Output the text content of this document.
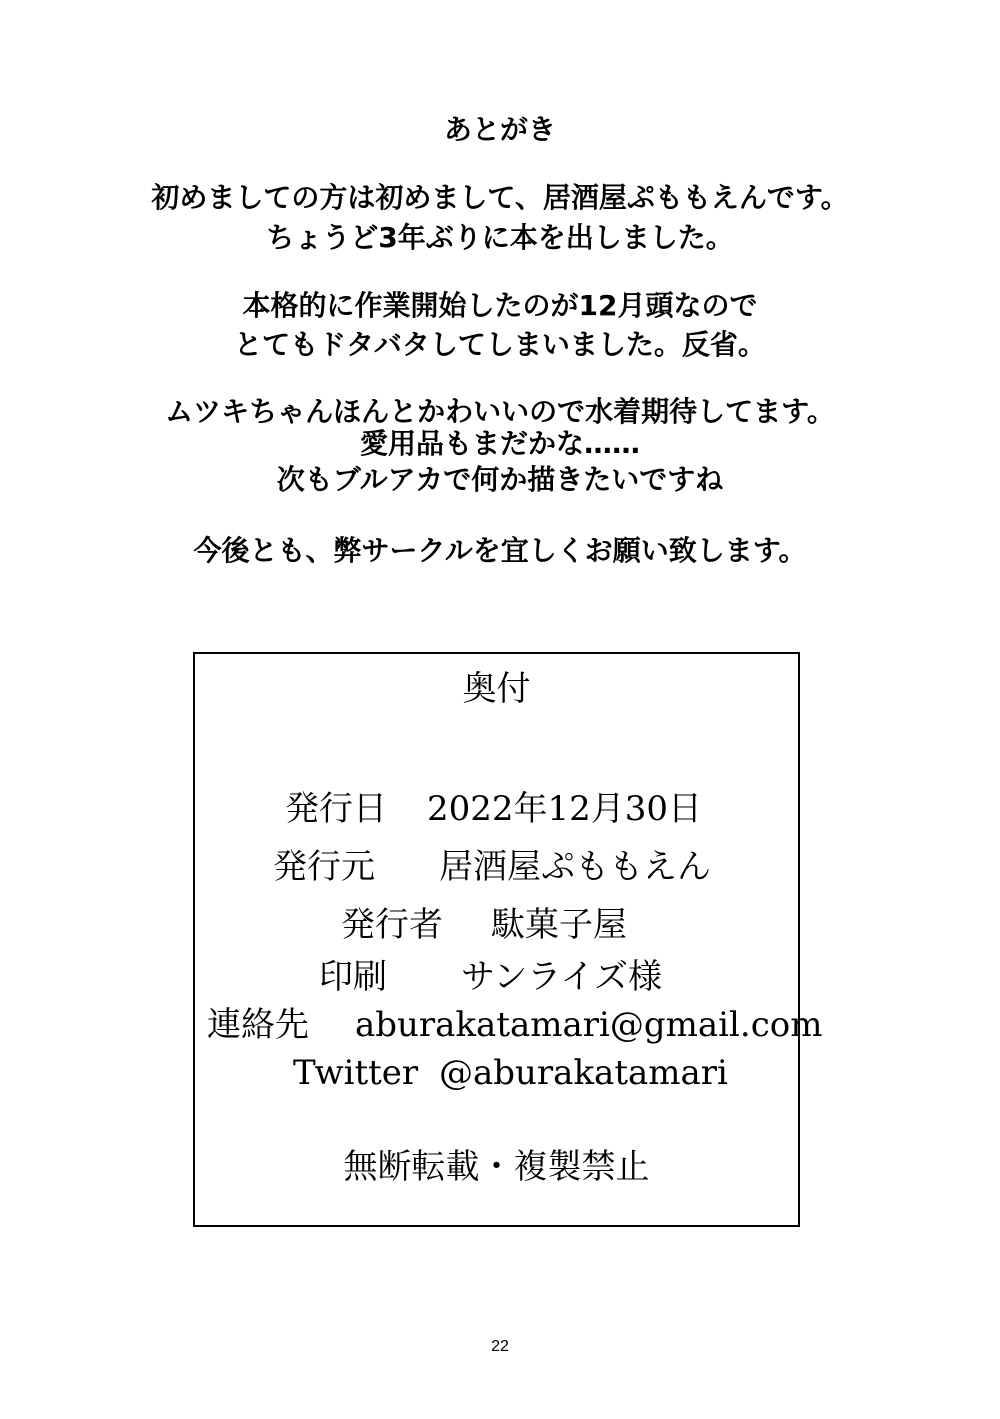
あとがき
初めましての方は初めまして、居酒屋ぷももえんです。
ちょうど3年ぶりに本を出しました。
本格的に作業開始したのが12月頭なので
とてもドタバタしてしまいました。反省。
ムツキちゃんほんとかわいいので水着期待してます。
愛用品もまだかな……
次もブルアカで何か描きたいですね
今後とも、弊サークルを宜しくお願い致します。
奥付
発行日 2022年12月30日
発行元 居酒屋ぷももえん
発行者 駄菓子屋
印刷 サンライズ様
連絡先 aburakatamari@gmail.com
Twitter @aburakatamari
無断転載・複製禁止
22
